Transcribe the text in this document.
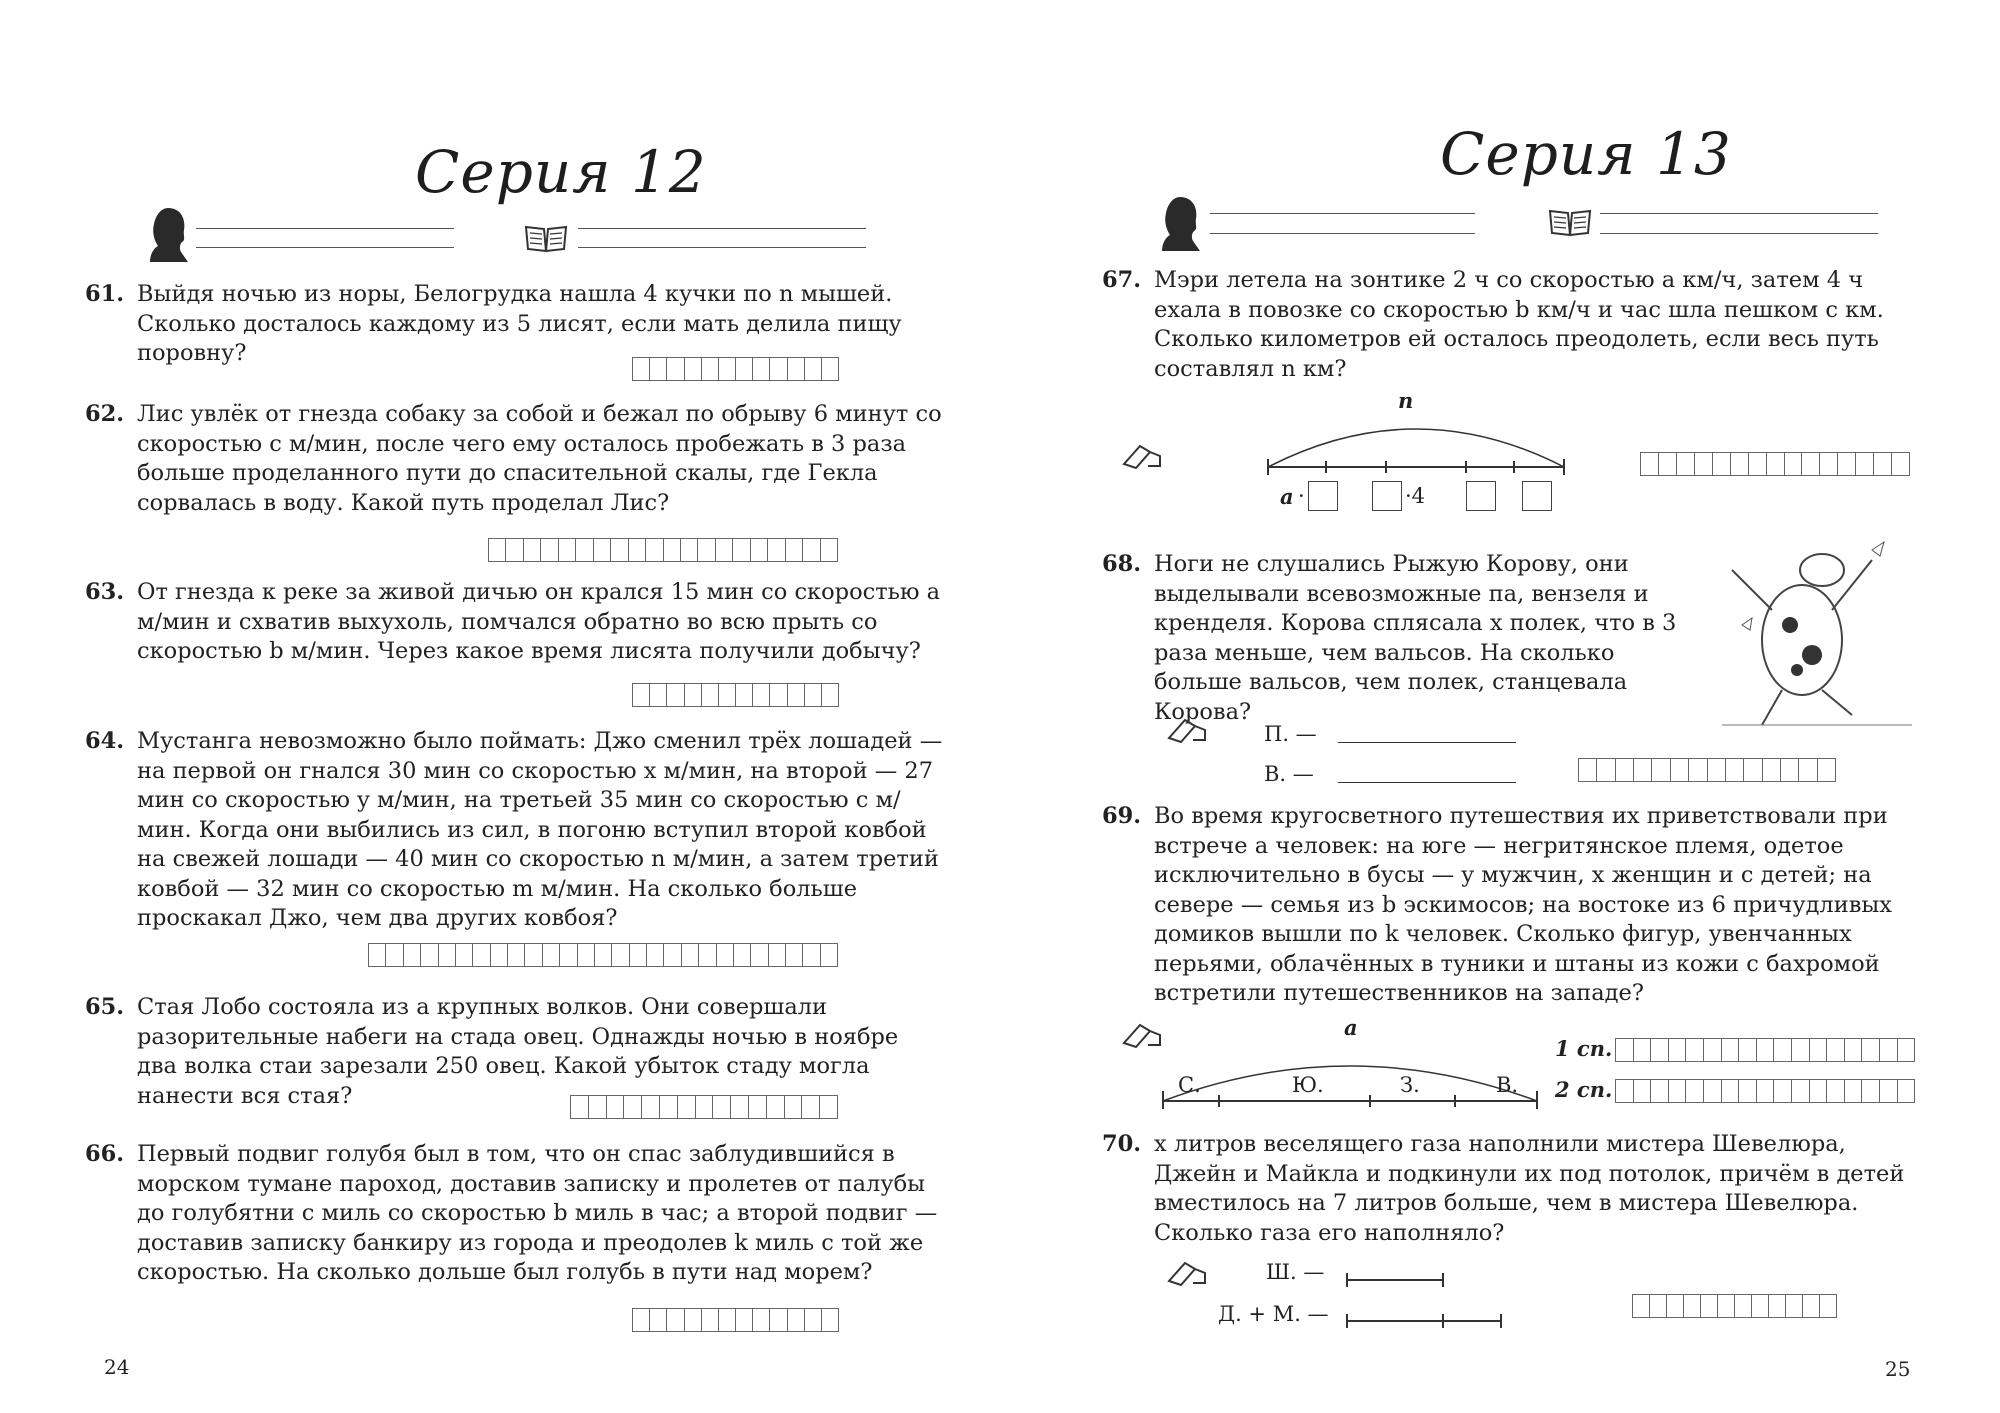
Серия 12
61. Выйдя ночью из норы, Белогрудка нашла 4 кучки по n мышей. Сколько досталось каждому из 5 лисят, если мать делила пищу поровну?
62. Лис увлёк от гнезда собаку за собой и бежал по обрыву 6 минут со скоростью c м/мин, после чего ему осталось пробежать в 3 раза больше проделанного пути до спасительной скалы, где Гекла сорвалась в воду. Какой путь проделал Лис?
63. От гнезда к реке за живой дичью он крался 15 мин со скоростью a м/мин и схватив выхухоль, помчался обратно во всю прыть со скоростью b м/мин. Через какое время лисята получили добычу?
64. Мустанга невозможно было поймать: Джо сменил трёх лошадей — на первой он гнался 30 мин со скоростью x м/мин, на второй — 27 мин со скоростью y м/мин, на третьей 35 мин со скоростью c м/мин. Когда они выбились из сил, в погоню вступил второй ковбой на свежей лошади — 40 мин со скоростью n м/мин, а затем третий ковбой — 32 мин со скоростью m м/мин. На сколько больше проскакал Джо, чем два других ковбоя?
65. Стая Лобо состояла из a крупных волков. Они совершали разорительные набеги на стада овец. Однажды ночью в ноябре два волка стаи зарезали 250 овец. Какой убыток стаду могла нанести вся стая?
66. Первый подвиг голубя был в том, что он спас заблудившийся в морском тумане пароход, доставив записку и пролетев от палубы до голубятни c миль со скоростью b миль в час; а второй подвиг — доставив записку банкиру из города и преодолев k миль с той же скоростью. На сколько дольше был голубь в пути над морем?
24
Серия 13
67. Мэри летела на зонтике 2 ч со скоростью a км/ч, затем 4 ч ехала в повозке со скоростью b км/ч и час шла пешком c км. Сколько километров ей осталось преодолеть, если весь путь составлял n км?
n
a ·	·4
68. Ноги не слушались Рыжую Корову, они выделывали всевозможные па, вензеля и кренделя. Корова сплясала x полек, что в 3 раза меньше, чем вальсов. На сколько больше вальсов, чем полек, станцевала Корова?
П. —
В. —
69. Во время кругосветного путешествия их приветствовали при встрече a человек: на юге — негритянское племя, одетое исключительно в бусы — y мужчин, x женщин и c детей; на севере — семья из b эскимосов; на востоке из 6 причудливых домиков вышли по k человек. Сколько фигур, увенчанных перьями, облачённых в туники и штаны из кожи с бахромой встретили путешественников на западе?
a
С.	Ю.	З.	В.
1 сп.
2 сп.
70. x литров веселящего газа наполнили мистера Шевелюра, Джейн и Майкла и подкинули их под потолок, причём в детей вместилось на 7 литров больше, чем в мистера Шевелюра. Сколько газа его наполняло?
Ш. —
Д. + М. —
25
